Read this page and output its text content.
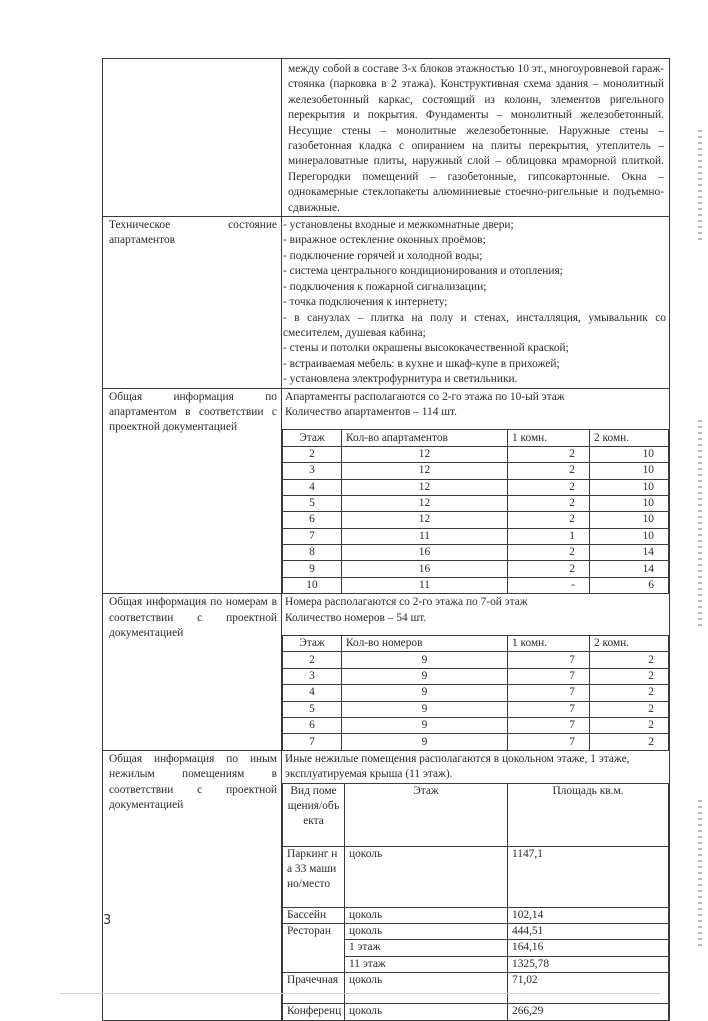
между собой в составе 3-х блоков этажностью 10 эт., многоуровневой гараж-стоянка (парковка в 2 этажа). Конструктивная схема здания – монолитный железобетонный каркас, состоящий из колонн, элементов ригельного перекрытия и покрытия. Фундаменты – монолитный железобетонный. Несущие стены – монолитные железобетонные. Наружные стены – газобетонная кладка с опиранием на плиты перекрытия, утеплитель – минераловатные плиты, наружный слой – облицовка мраморной плиткой. Перегородки помещений – газобетонные, гипсокартонные. Окна – однокамерные стеклопакеты алюминиевые стоечно-ригельные и подъемно-сдвижные.

Техническое состояние апартаментов	

- установлены входные и межкомнатные двери;

- виражное остекление оконных проёмов;

- подключение горячей и холодной воды;

- система центрального кондиционирования и отопления;

- подключения к пожарной сигнализации;

- точка подключения к интернету;

- в санузлах – плитка на полу и стенах, инсталляция, умывальник со смесителем, душевая кабина;

- стены и потолки окрашены высококачественной краской;

- встраиваемая мебель: в кухне и шкаф-купе в прихожей;

- установлена электрофурнитура и светильники.

Общая информация по апартаментом в соответствии с проектной документацией	
Апартаменты располагаются со 2-го этажа по 10-ый этаж
Количество апартаментов – 114 шт.
Этаж	Кол-во апартаментов	1 комн.	2 комн.
2	12	2	10
3	12	2	10
4	12	2	10
5	12	2	10
6	12	2	10
7	11	1	10
8	16	2	14
9	16	2	14
10	11	-	6

Общая информация по номерам в соответствии с проектной документацией	
Номера располагаются со 2-го этажа по 7-ой этаж
Количество номеров – 54 шт.
Этаж	Кол-во номеров	1 комн.	2 комн.
2	9	7	2
3	9	7	2
4	9	7	2
5	9	7	2
6	9	7	2
7	9	7	2

Общая информация по иным нежилым помещениям в соответствии с проектной документацией	
Иные нежилые помещения располагаются в цокольном этаже, 1 этаже, эксплуатируемая крыша (11 этаж).
Вид помещения/объекта	Этаж	Площадь кв.м.
Паркинг на 33 машино/место	цоколь	1147,1
Бассейн	цоколь	102,14
Ресторан	цоколь	444,51
1 этаж	164,16
11 этаж	1325,78
Прачечная	цоколь	71,02
Конференц	цоколь	266,29
3
